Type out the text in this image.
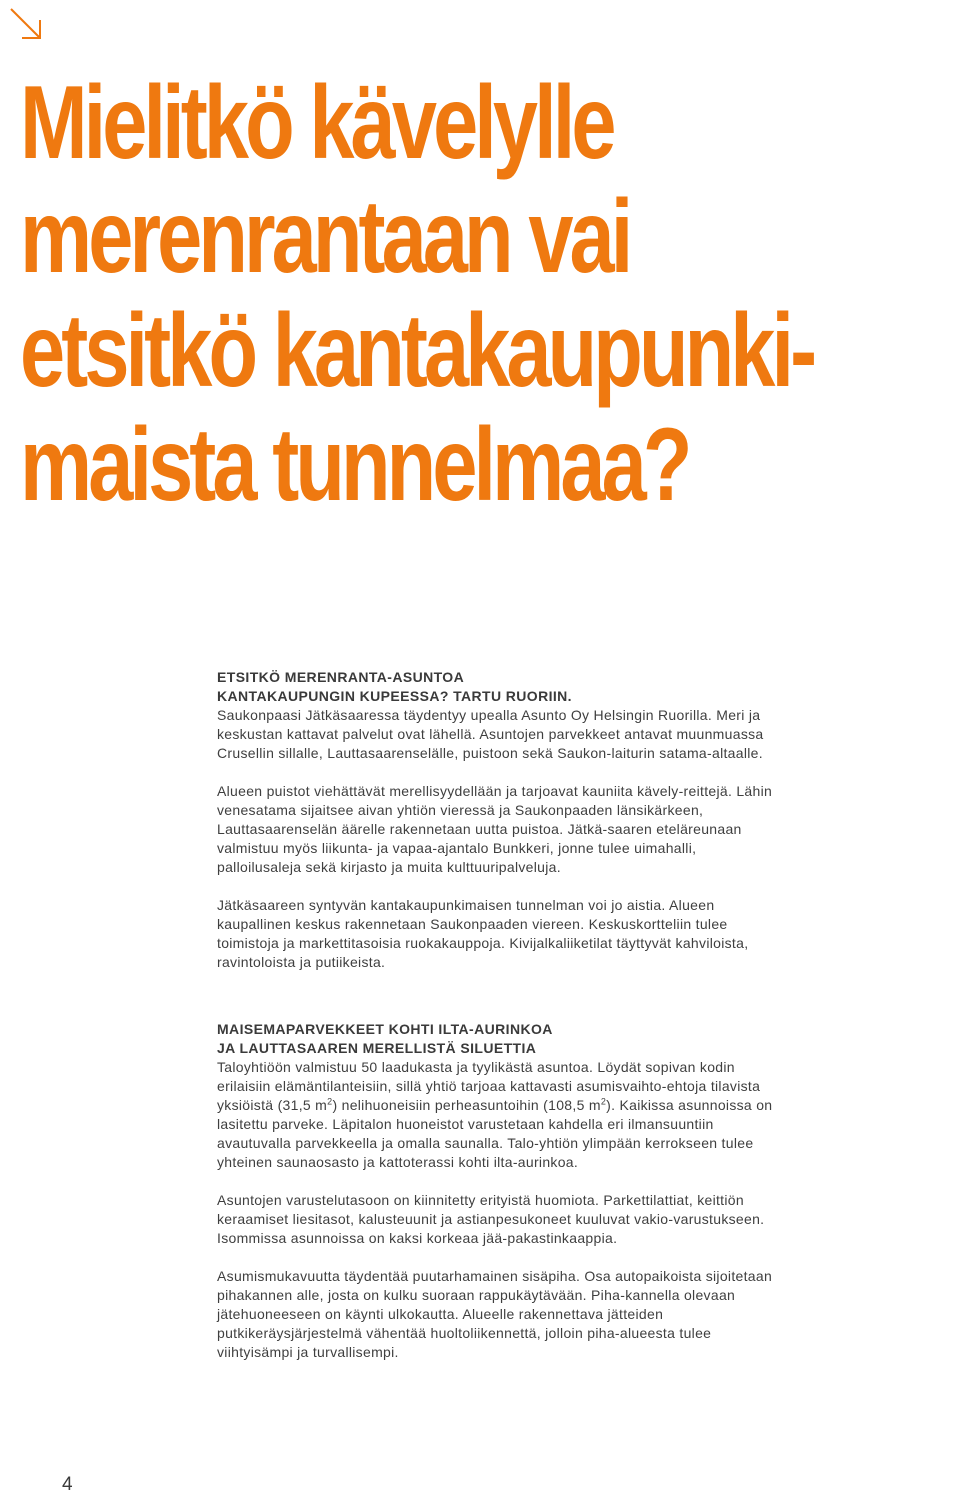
Mielitkö kävelylle
merenrantaan vai
etsitkö kantakaupunki-
maista tunnelmaa?
ETSITKÖ MERENRANTA-ASUNTOA
KANTAKAUPUNGIN KUPEESSA? TARTU RUORIIN.

Saukonpaasi Jätkäsaaressa täydentyy upealla Asunto Oy Helsingin Ruorilla. Meri ja keskustan kattavat palvelut ovat lähellä. Asuntojen parvekkeet antavat muunmuassa Crusellin sillalle, Lauttasaarenselälle, puistoon sekä Saukon-laiturin satama-altaalle.

Alueen puistot viehättävät merellisyydellään ja tarjoavat kauniita kävely-reittejä. Lähin venesatama sijaitsee aivan yhtiön vieressä ja Saukonpaaden länsikärkeen, Lauttasaarenselän äärelle rakennetaan uutta puistoa. Jätkä-saaren eteläreunaan valmistuu myös liikunta- ja vapaa-ajantalo Bunkkeri, jonne tulee uimahalli, palloilusaleja sekä kirjasto ja muita kulttuuripalveluja.

Jätkäsaareen syntyvän kantakaupunkimaisen tunnelman voi jo aistia. Alueen kaupallinen keskus rakennetaan Saukonpaaden viereen. Keskuskortteliin tulee toimistoja ja markettitasoisia ruokakauppoja. Kivijalkaliiketilat täyttyvät kahviloista, ravintoloista ja putiikeista.

MAISEMAPARVEKKEET KOHTI ILTA-AURINKOA
JA LAUTTASAAREN MERELLISTÄ SILUETTIA

Taloyhtiöön valmistuu 50 laadukasta ja tyylikästä asuntoa. Löydät sopivan kodin erilaisiin elämäntilanteisiin, sillä yhtiö tarjoaa kattavasti asumisvaihto-ehtoja tilavista yksiöistä (31,5 $m^2$) nelihuoneisiin perheasuntoihin (108,5 $m^2$). Kaikissa asunnoissa on lasitettu parveke. Läpitalon huoneistot varustetaan kahdella eri ilmansuuntiin avautuvalla parvekkeella ja omalla saunalla. Talo-yhtiön ylimpään kerrokseen tulee yhteinen saunaosasto ja kattoterassi kohti ilta-aurinkoa.

Asuntojen varustelutasoon on kiinnitetty erityistä huomiota. Parkettilattiat, keittiön keraamiset liesitasot, kalusteuunit ja astianpesukoneet kuuluvat vakio-varustukseen. Isommissa asunnoissa on kaksi korkeaa jää-pakastinkaappia.

Asumismukavuutta täydentää puutarhamainen sisäpiha. Osa autopaikoista sijoitetaan pihakannen alle, josta on kulku suoraan rappukäytävään. Piha-kannella olevaan jätehuoneeseen on käynti ulkokautta. Alueelle rakennettava jätteiden putkikeräysjärjestelmä vähentää huoltoliikennettä, jolloin piha-alueesta tulee viihtyisämpi ja turvallisempi.

4
